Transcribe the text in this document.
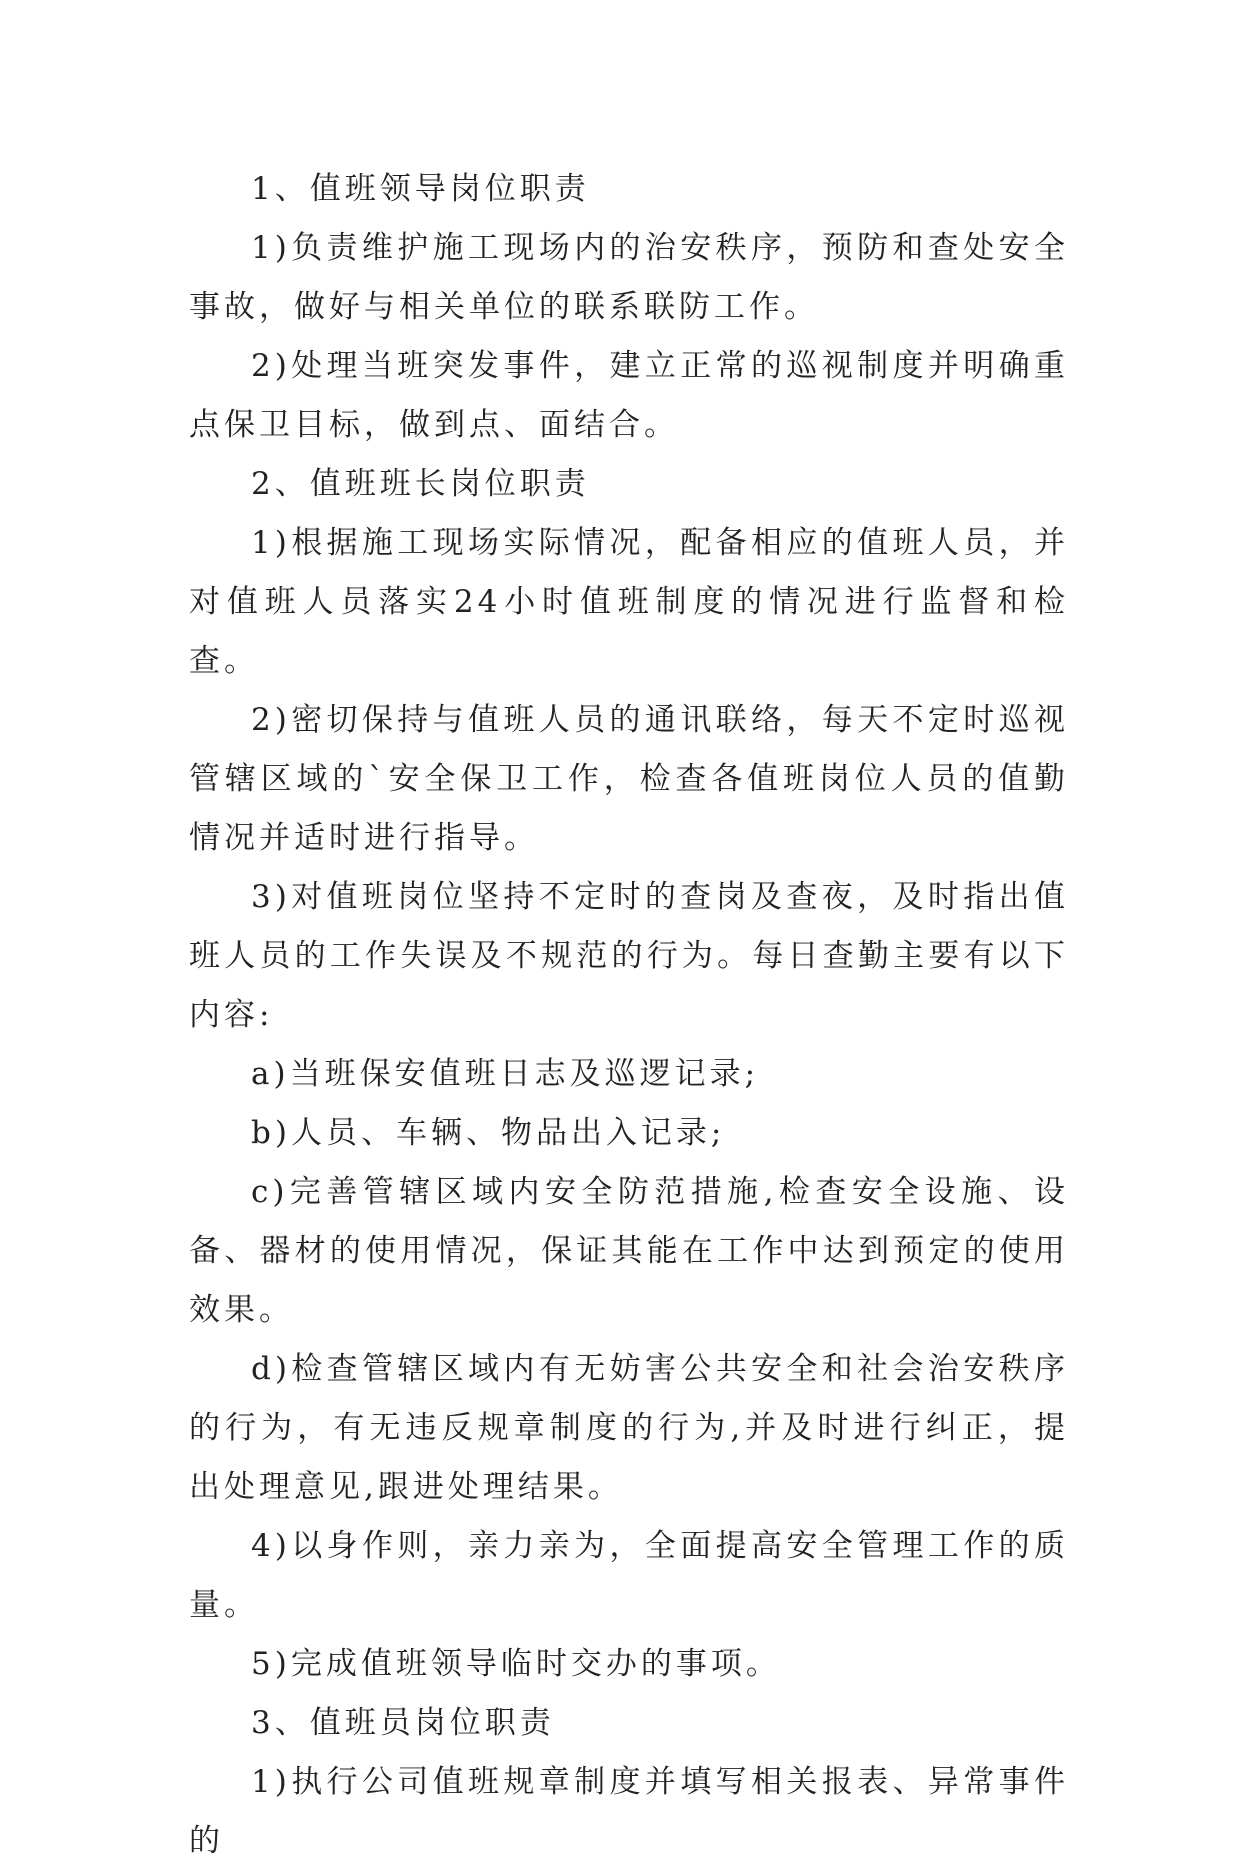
1、值班领导岗位职责

1)负责维护施工现场内的治安秩序，预防和查处安全事故，做好与相关单位的联系联防工作。

2)处理当班突发事件，建立正常的巡视制度并明确重点保卫目标，做到点、面结合。

2、值班班长岗位职责

1)根据施工现场实际情况，配备相应的值班人员，并对值班人员落实24小时值班制度的情况进行监督和检查。

2)密切保持与值班人员的通讯联络，每天不定时巡视管辖区域的`安全保卫工作，检查各值班岗位人员的值勤情况并适时进行指导。

3)对值班岗位坚持不定时的查岗及查夜，及时指出值班人员的工作失误及不规范的行为。每日查勤主要有以下内容:

a)当班保安值班日志及巡逻记录;

b)人员、车辆、物品出入记录;

c)完善管辖区域内安全防范措施,检查安全设施、设备、器材的使用情况，保证其能在工作中达到预定的使用效果。

d)检查管辖区域内有无妨害公共安全和社会治安秩序的行为，有无违反规章制度的行为,并及时进行纠正，提出处理意见,跟进处理结果。

4)以身作则，亲力亲为，全面提高安全管理工作的质量。

5)完成值班领导临时交办的事项。

3、值班员岗位职责

1)执行公司值班规章制度并填写相关报表、异常事件的
